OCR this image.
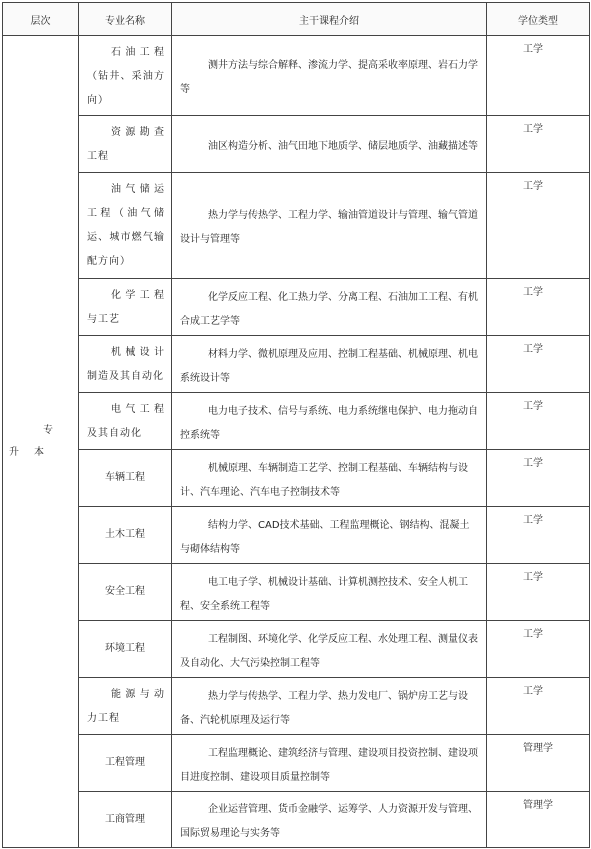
层次	专业名称	主干课程介绍	学位类型

专升本	石油工程（钻井、采油方向）	测井方法与综合解释、渗流力学、提高采收率原理、岩石力学等	工学
	资源勘查工程	油区构造分析、油气田地下地质学、储层地质学、油藏描述等	工学
	油气储运工程（油气储运、城市燃气输配方向）	热力学与传热学、工程力学、输油管道设计与管理、输气管道设计与管理等	工学
	化学工程与工艺	化学反应工程、化工热力学、分离工程、石油加工工程、有机合成工艺学等	工学
	机械设计制造及其自动化	材料力学、微机原理及应用、控制工程基础、机械原理、机电系统设计等	工学
	电气工程及其自动化	电力电子技术、信号与系统、电力系统继电保护、电力拖动自控系统等	工学
	车辆工程	机械原理、车辆制造工艺学、控制工程基础、车辆结构与设计、汽车理论、汽车电子控制技术等	工学
	土木工程	结构力学、CAD技术基础、工程监理概论、钢结构、混凝土与砌体结构等	工学
	安全工程	电工电子学、机械设计基础、计算机测控技术、安全人机工程、安全系统工程等	工学
	环境工程	工程制图、环境化学、化学反应工程、水处理工程、测量仪表及自动化、大气污染控制工程等	工学
	能源与动力工程	热力学与传热学、工程力学、热力发电厂、锅炉房工艺与设备、汽轮机原理及运行等	工学
	工程管理	工程监理概论、建筑经济与管理、建设项目投资控制、建设项目进度控制、建设项目质量控制等	管理学
	工商管理	企业运营管理、货币金融学、运筹学、人力资源开发与管理、国际贸易理论与实务等	管理学
